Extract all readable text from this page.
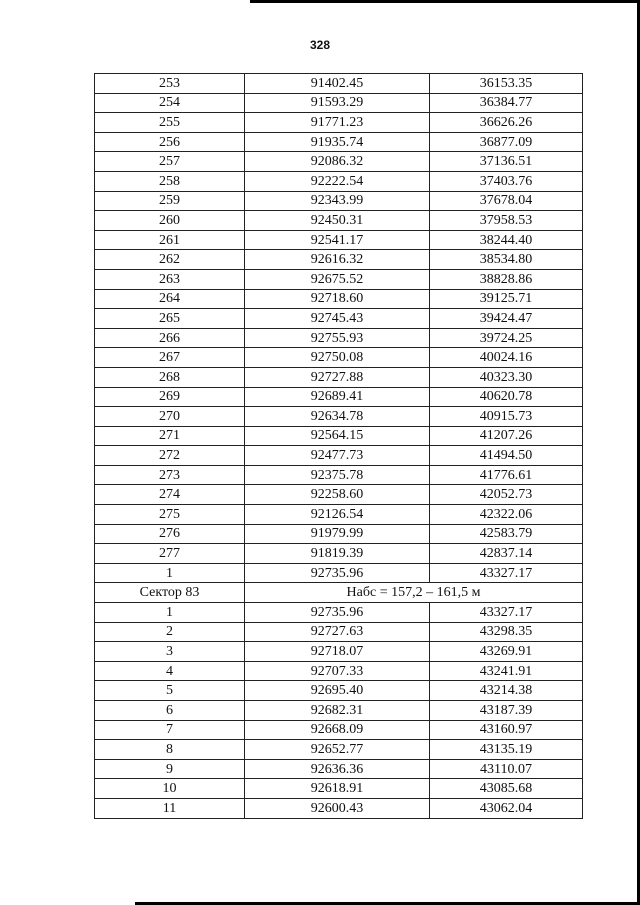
328
253	91402.45	36153.35
254	91593.29	36384.77
255	91771.23	36626.26
256	91935.74	36877.09
257	92086.32	37136.51
258	92222.54	37403.76
259	92343.99	37678.04
260	92450.31	37958.53
261	92541.17	38244.40
262	92616.32	38534.80
263	92675.52	38828.86
264	92718.60	39125.71
265	92745.43	39424.47
266	92755.93	39724.25
267	92750.08	40024.16
268	92727.88	40323.30
269	92689.41	40620.78
270	92634.78	40915.73
271	92564.15	41207.26
272	92477.73	41494.50
273	92375.78	41776.61
274	92258.60	42052.73
275	92126.54	42322.06
276	91979.99	42583.79
277	91819.39	42837.14
1	92735.96	43327.17
Сектор 83	Набс = 157,2 – 161,5 м	
1	92735.96	43327.17
2	92727.63	43298.35
3	92718.07	43269.91
4	92707.33	43241.91
5	92695.40	43214.38
6	92682.31	43187.39
7	92668.09	43160.97
8	92652.77	43135.19
9	92636.36	43110.07
10	92618.91	43085.68
11	92600.43	43062.04
